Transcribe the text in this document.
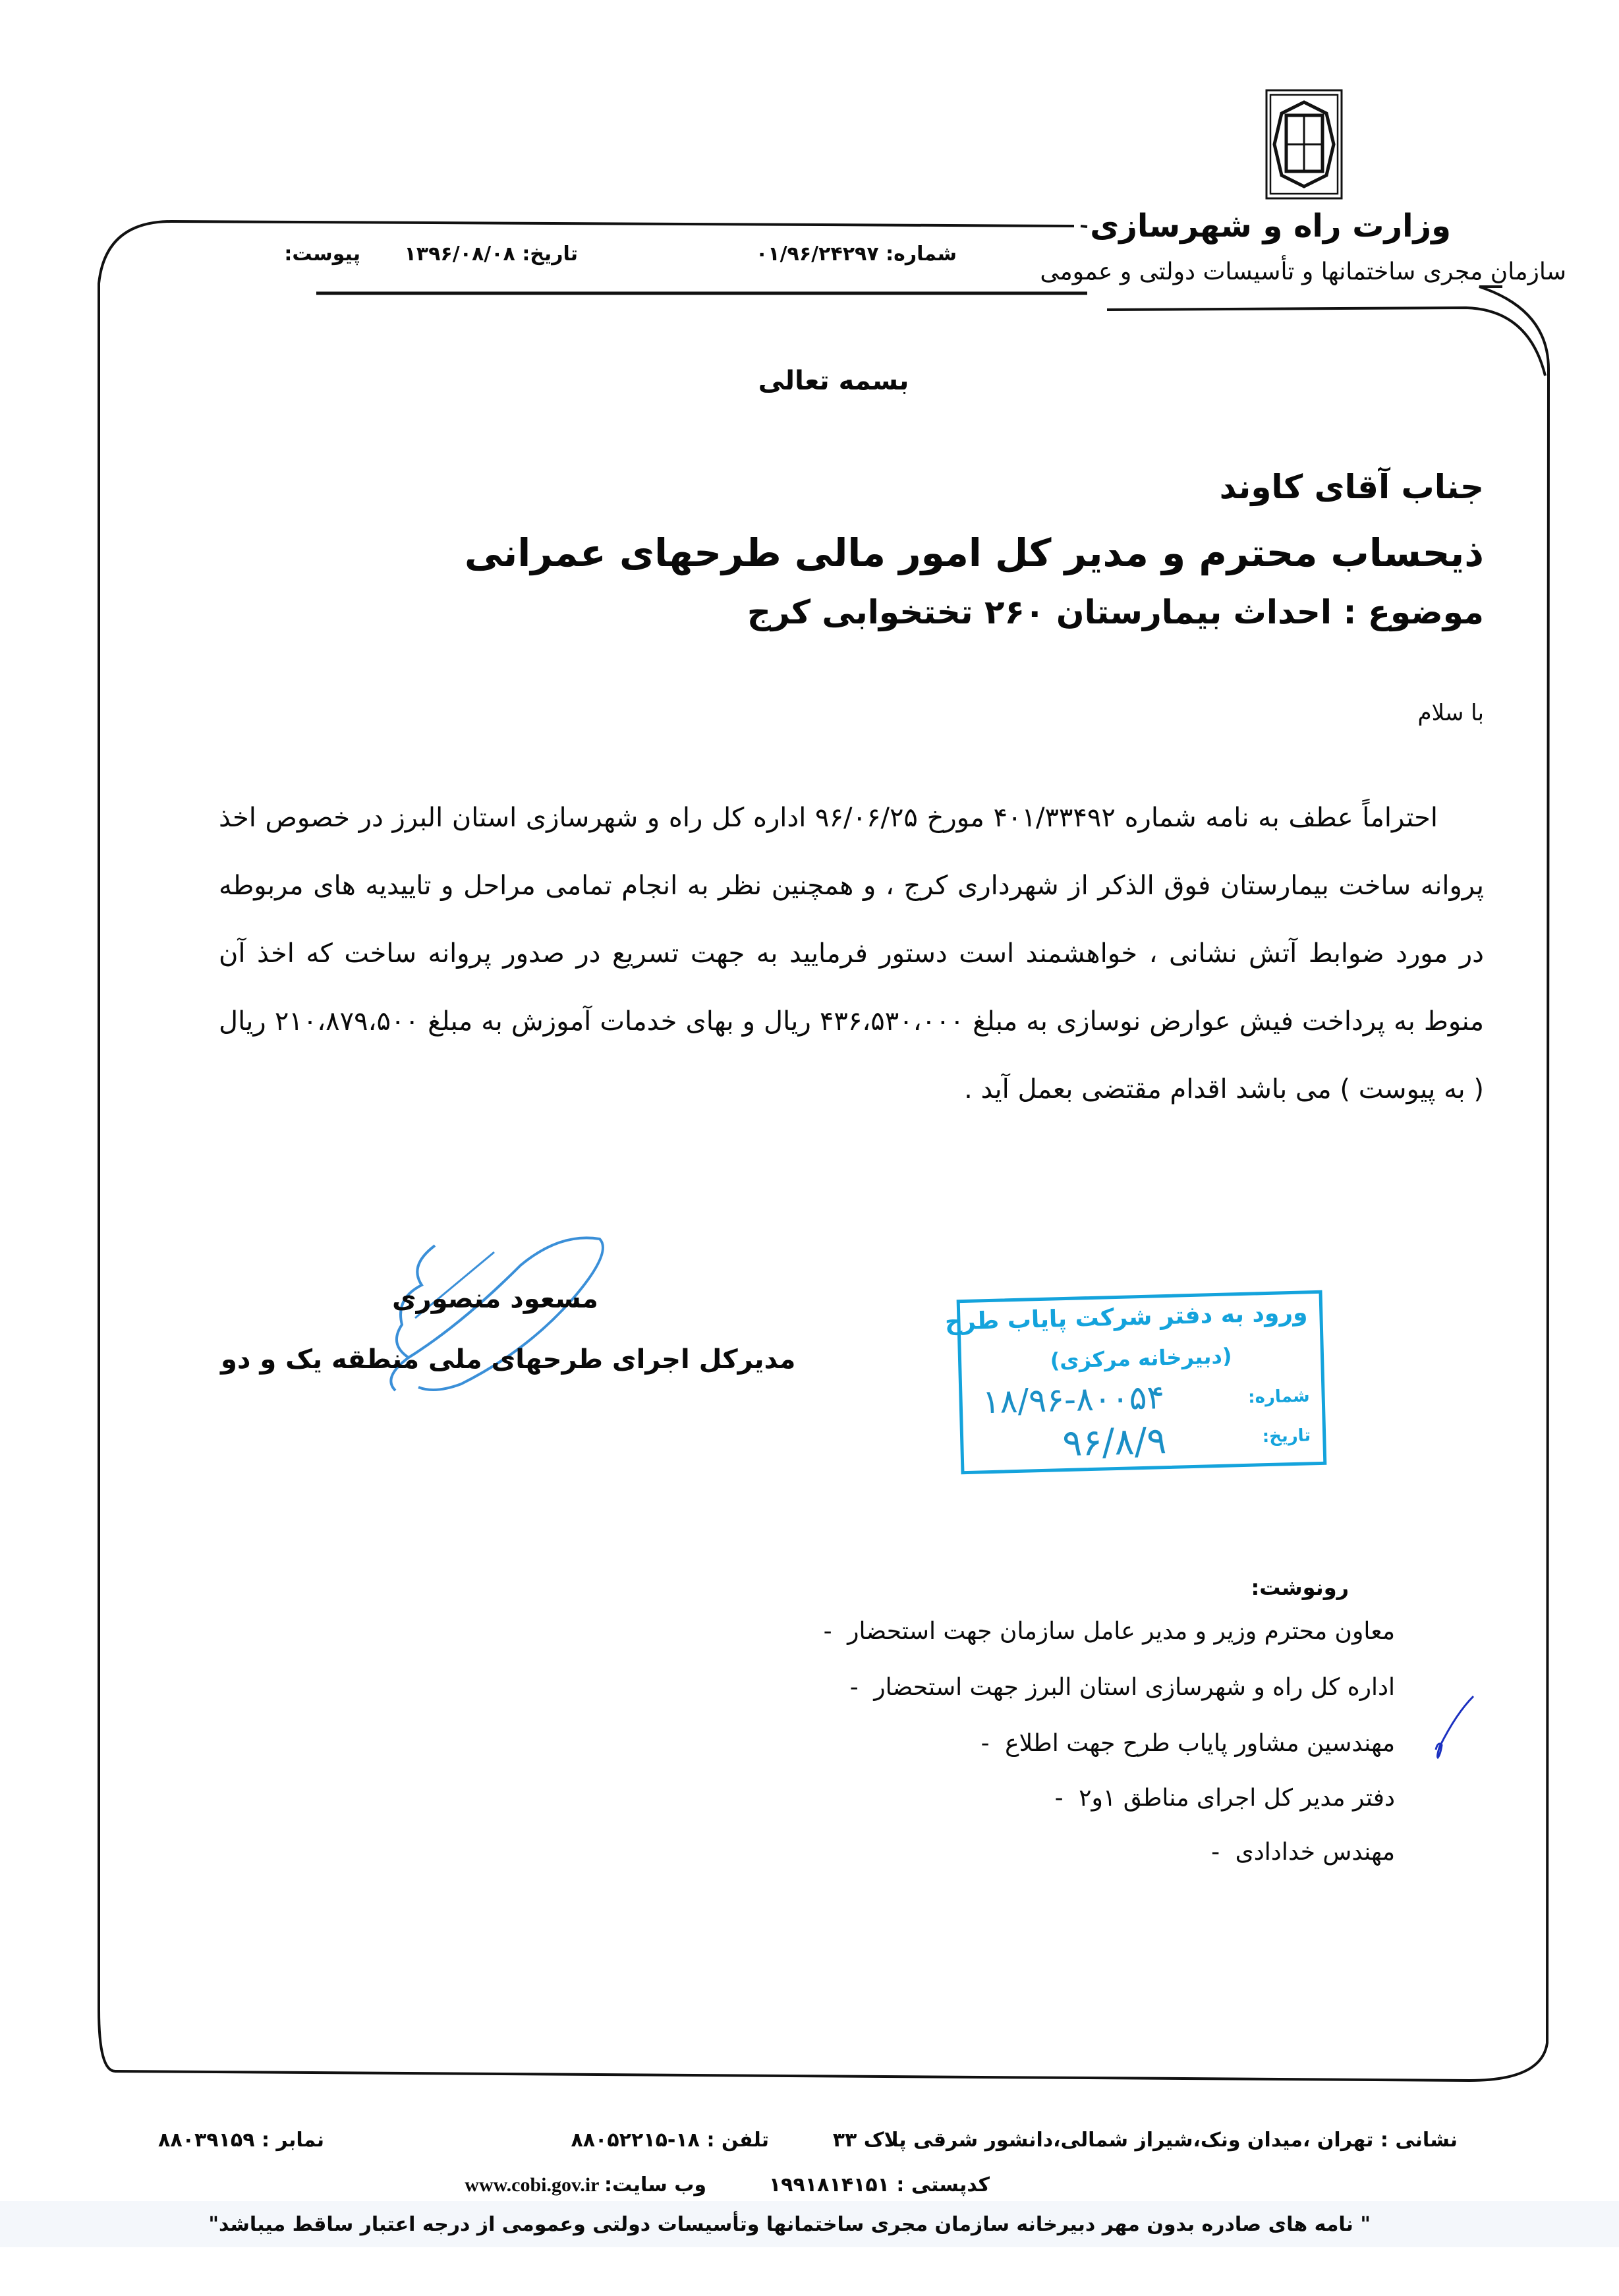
وزارت راه و شهرسازی
سازمان مجری ساختمانها و تأسیسات دولتی و عمومی
شماره: ۰۱/۹۶/۲۴۲۹۷
تاریخ: ۱۳۹۶/۰۸/۰۸
پیوست:
بسمه تعالی
جناب آقای کاوند
ذیحساب محترم و مدیر کل امور مالی طرحهای عمرانی
موضوع : احداث بیمارستان ۲۶۰ تختخوابی کرج
با سلام
احتراماً عطف به نامه شماره ۴۰۱/۳۳۴۹۲ مورخ ۹۶/۰۶/۲۵ اداره کل راه و شهرسازی استان البرز در خصوص اخذ پروانه ساخت بیمارستان فوق الذکر از شهرداری کرج ، و همچنین نظر به انجام تمامی مراحل و تاییدیه های مربوطه در مورد ضوابط آتش نشانی ، خواهشمند است دستور فرمایید به جهت تسریع در صدور پروانه ساخت که اخذ آن منوط به پرداخت فیش عوارض نوسازی به مبلغ ۴۳۶،۵۳۰،۰۰۰ ریال و بهای خدمات آموزش به مبلغ ۲۱۰،۸۷۹،۵۰۰ ریال ( به پیوست ) می باشد اقدام مقتضی بعمل آید .
مسعود منصوری
مدیرکل اجرای طرحهای ملی منطقه یک و دو
ورود به دفتر شرکت پایاب طرح
(دبیرخانه مرکزی)
شماره:
۱۸/۹۶-۸۰۰۵۴
تاریخ:
۹۶/۸/۹
رونوشت:
- معاون محترم وزیر و مدیر عامل سازمان جهت استحضار
- اداره کل راه و شهرسازی استان البرز جهت استحضار
- مهندسین مشاور پایاب طرح جهت اطلاع
- دفتر مدیر کل اجرای مناطق ۱و۲
- مهندس خدادادی
نشانی : تهران ،میدان ونک،شیراز شمالی،دانشور شرقی پلاک ۳۳
تلفن : ۱۸-۸۸۰۵۲۲۱۵
نمابر : ۸۸۰۳۹۱۵۹
کدپستی : ۱۹۹۱۸۱۴۱۵۱
وب سایت: www.cobi.gov.ir
" نامه های صادره بدون مهر دبیرخانه سازمان مجری ساختمانها وتأسیسات دولتی وعمومی از درجه اعتبار ساقط میباشد"
